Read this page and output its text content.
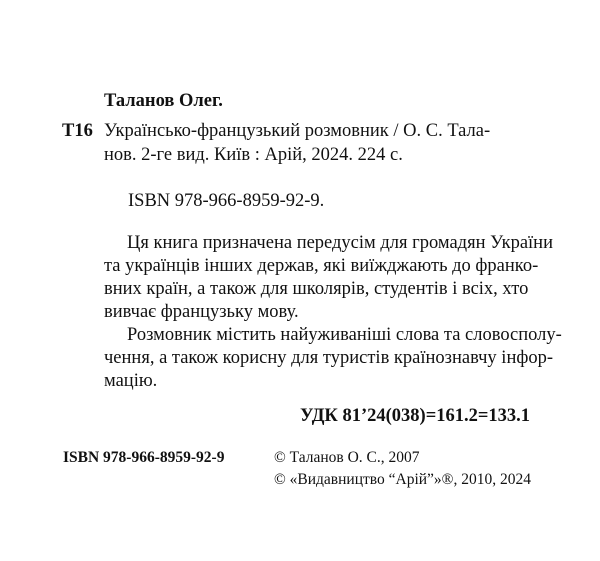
Таланов Олег.
Т16 Українсько-французький розмовник / О. С. Тала-
нов. 2-ге вид. Київ : Арій, 2024. 224 с.
ISBN 978-966-8959-92-9.
Ця книга призначена передусім для громадян України
та українців інших держав, які виїжджають до франко-
вних країн, а також для школярів, студентів і всіх, хто
вивчає французьку мову.
Розмовник містить найуживаніші слова та словосполу-
чення, а також корисну для туристів країнознавчу інфор-
мацію.
УДК 81’24(038)=161.2=133.1
ISBN 978-966-8959-92-9	© Таланов О. С., 2007
© «Видавництво “Арій”»®, 2010, 2024
